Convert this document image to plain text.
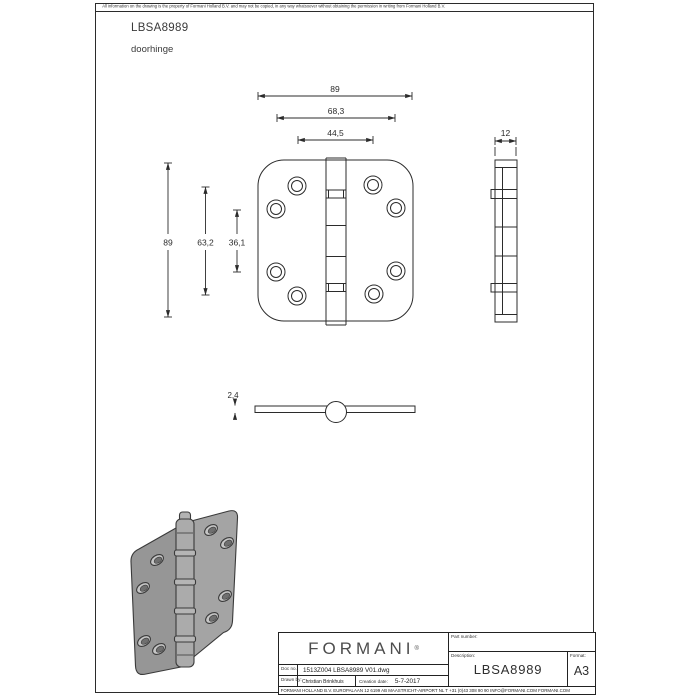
All information on the drawing is the property of Formani Holland B.V. and may not be copied, in any way whatsoever without obtaining the permission in writing from Formani Holland B.V.
LBSA8989
doorhinge
89
68,3
44,5
89	63,2 36,1
12
2,4
FORMANI ®
Doc no.: 1513Z004 LBSA8989 V01.dwg
Drawn by: Christian Brinkhuis	Creation date:	5-7-2017
Part number:
Description:
LBSA8989
Format:
A3
FORMANI HOLLAND B.V. EUROPALAAN 12 6199 AB MAASTRICHT-AIRPORT NL T +31 (0)43 308 90 90 INFO@FORMANI.COM FORMANI.COM
